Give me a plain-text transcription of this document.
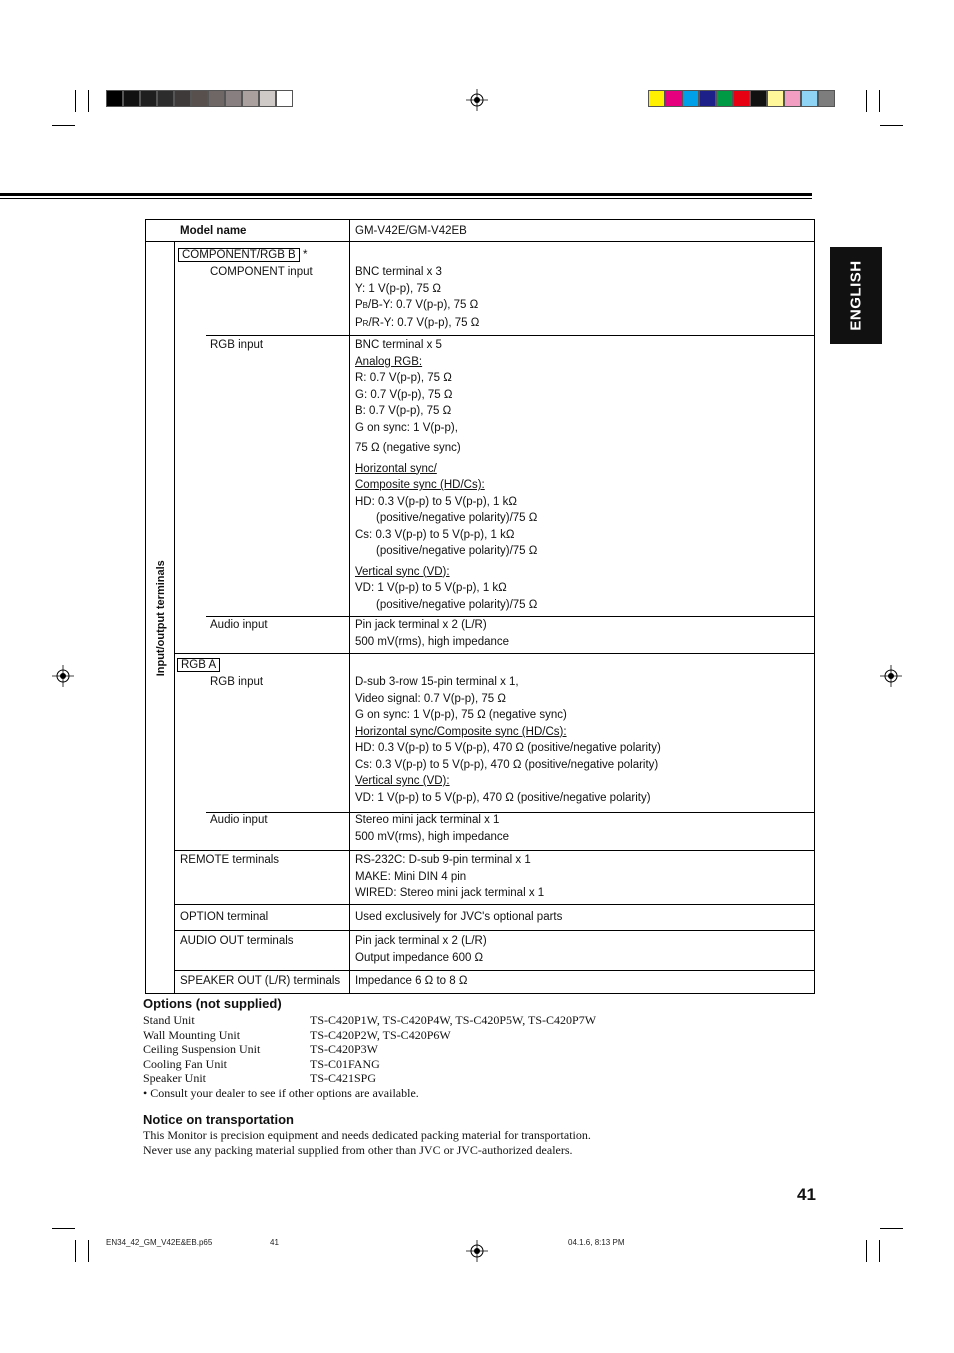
ENGLISH
Input/output terminals
Model name	GM-V42E/GM-V42EB
COMPONENT/RGB B *
COMPONENT input	BNC terminal x 3
Y: 1 V(p-p), 75 Ω
PB/B-Y: 0.7 V(p-p), 75 Ω
PR/R-Y: 0.7 V(p-p), 75 Ω
RGB input	BNC terminal x 5
Analog RGB:
R: 0.7 V(p-p), 75 Ω
G: 0.7 V(p-p), 75 Ω
B: 0.7 V(p-p), 75 Ω
G on sync: 1 V(p-p),
75 Ω (negative sync)
Horizontal sync/
Composite sync (HD/Cs):
HD: 0.3 V(p-p) to 5 V(p-p), 1 kΩ
(positive/negative polarity)/75 Ω
Cs: 0.3 V(p-p) to 5 V(p-p), 1 kΩ
(positive/negative polarity)/75 Ω
Vertical sync (VD):
VD: 1 V(p-p) to 5 V(p-p), 1 kΩ
(positive/negative polarity)/75 Ω
Audio input	Pin jack terminal x 2 (L/R)
500 mV(rms), high impedance
RGB A
RGB input	D-sub 3-row 15-pin terminal x 1,
Video signal: 0.7 V(p-p), 75 Ω
G on sync: 1 V(p-p), 75 Ω (negative sync)
Horizontal sync/Composite sync (HD/Cs):
HD: 0.3 V(p-p) to 5 V(p-p), 470 Ω (positive/negative polarity)
Cs: 0.3 V(p-p) to 5 V(p-p), 470 Ω (positive/negative polarity)
Vertical sync (VD):
VD: 1 V(p-p) to 5 V(p-p), 470 Ω (positive/negative polarity)
Audio input	Stereo mini jack terminal x 1
500 mV(rms), high impedance
REMOTE terminals	RS-232C: D-sub 9-pin terminal x 1
MAKE: Mini DIN 4 pin
WIRED: Stereo mini jack terminal x 1
OPTION terminal	Used exclusively for JVC's optional parts
AUDIO OUT terminals	Pin jack terminal x 2 (L/R)
Output impedance 600 Ω
SPEAKER OUT (L/R) terminals Impedance 6 Ω to 8 Ω
Options (not supplied)
Stand Unit	TS-C420P1W, TS-C420P4W, TS-C420P5W, TS-C420P7W
Wall Mounting Unit	TS-C420P2W, TS-C420P6W
Ceiling Suspension Unit	TS-C420P3W
Cooling Fan Unit	TS-C01FANG
Speaker Unit	TS-C421SPG
• Consult your dealer to see if other options are available.
Notice on transportation
This Monitor is precision equipment and needs dedicated packing material for transportation.
Never use any packing material supplied from other than JVC or JVC-authorized dealers.
41
EN34_42_GM_V42E&EB.p65	41	04.1.6, 8:13 PM
